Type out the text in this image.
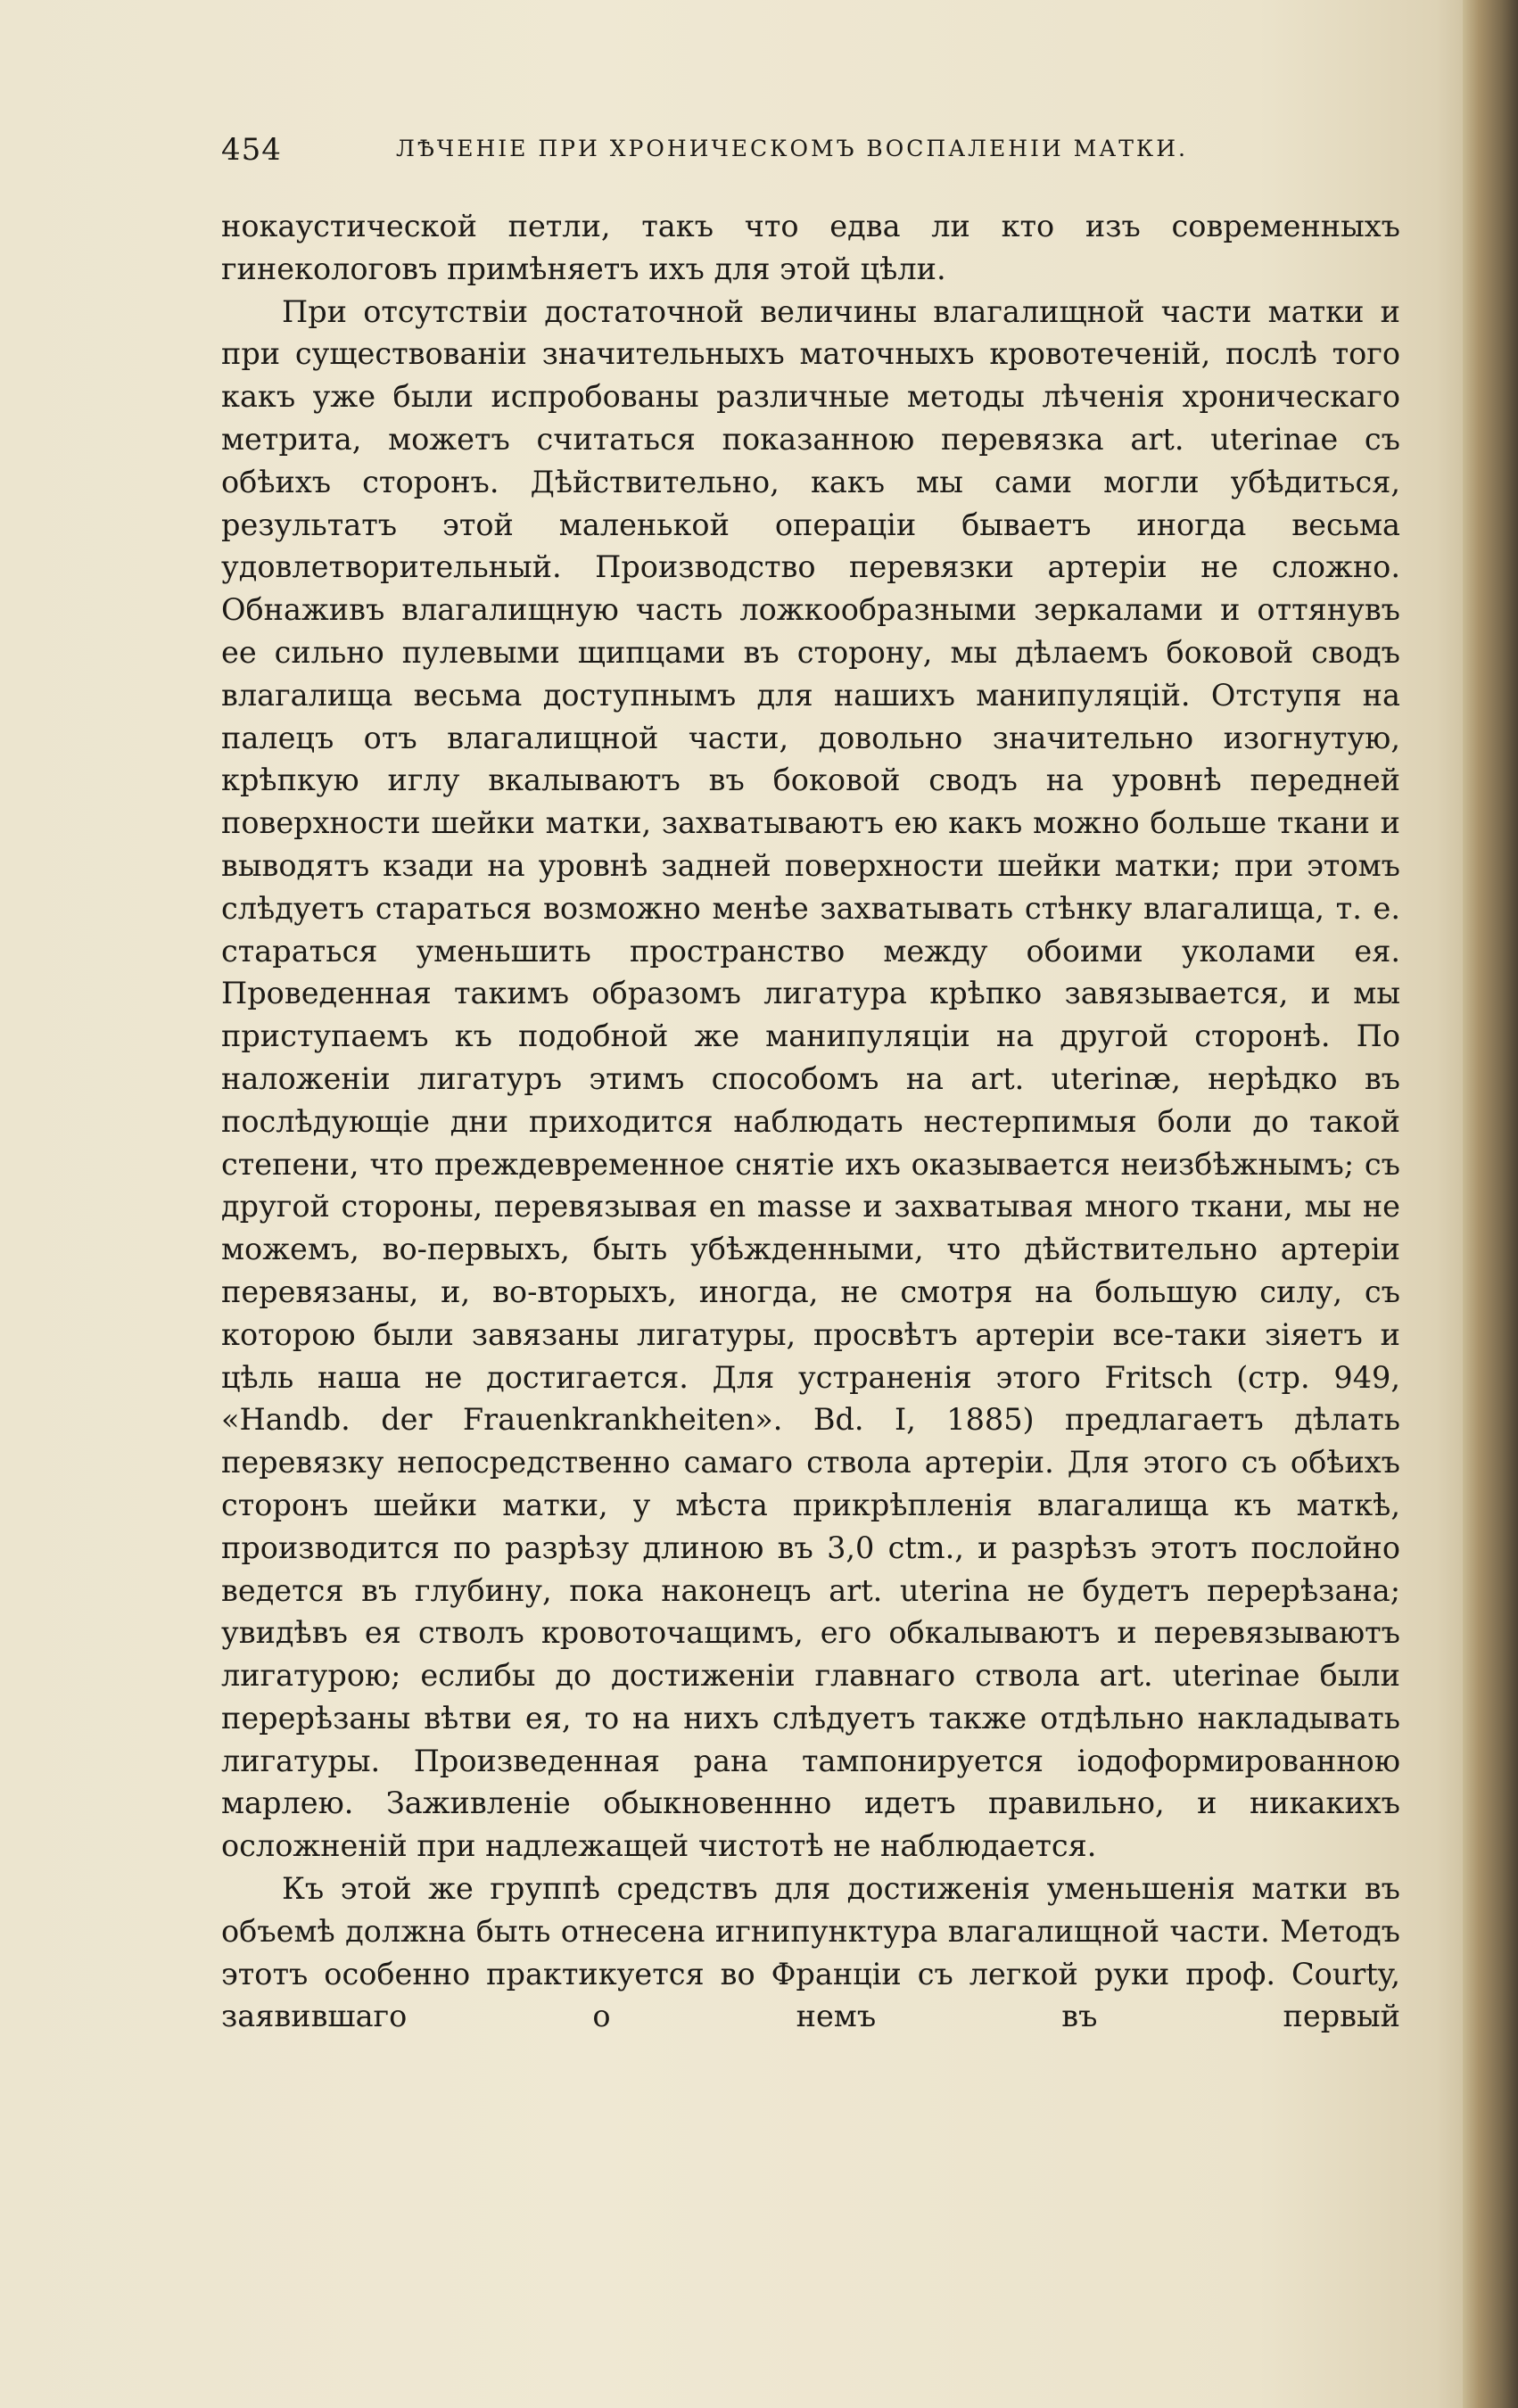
454	ЛѢЧЕНІЕ ПРИ ХРОНИЧЕСКОМЪ ВОСПАЛЕНІИ МАТКИ.

нокаустической петли, такъ что едва ли кто изъ современныхъ гинекологовъ примѣняетъ ихъ для этой цѣли.

При отсутствіи достаточной величины влагалищной части матки и при существованіи значительныхъ маточныхъ кровотеченій, послѣ того какъ уже были испробованы различные методы лѣченія хроническаго метрита, можетъ считаться показанною перевязка art. uterinae съ обѣихъ сторонъ. Дѣйствительно, какъ мы сами могли убѣдиться, результатъ этой маленькой операціи бываетъ иногда весьма удовлетворительный. Производство перевязки артеріи не сложно. Обнаживъ влагалищную часть ложкообразными зеркалами и оттянувъ ее сильно пулевыми щипцами въ сторону, мы дѣлаемъ боковой сводъ влагалища весьма доступнымъ для нашихъ манипуляцій. Отступя на палецъ отъ влагалищной части, довольно значительно изогнутую, крѣпкую иглу вкалываютъ въ боковой сводъ на уровнѣ передней поверхности шейки матки, захватываютъ ею какъ можно больше ткани и выводятъ кзади на уровнѣ задней поверхности шейки матки; при этомъ слѣдуетъ стараться возможно менѣе захватывать стѣнку влагалища, т. е. стараться уменьшить пространство между обоими уколами ея. Проведенная такимъ образомъ лигатура крѣпко завязывается, и мы приступаемъ къ подобной же манипуляціи на другой сторонѣ. По наложеніи лигатуръ этимъ способомъ на art. uterinæ, нерѣдко въ послѣдующіе дни приходится наблюдать нестерпимыя боли до такой степени, что преждевременное снятіе ихъ оказывается неизбѣжнымъ; съ другой стороны, перевязывая en masse и захватывая много ткани, мы не можемъ, во-первыхъ, быть убѣжденными, что дѣйствительно артеріи перевязаны, и, во-вторыхъ, иногда, не смотря на большую силу, съ которою были завязаны лигатуры, просвѣтъ артеріи все-таки зіяетъ и цѣль наша не достигается. Для устраненія этого Fritsch (стр. 949, «Handb. der Frauenkrankheiten». Bd. I, 1885) предлагаетъ дѣлать перевязку непосредственно самаго ствола артеріи. Для этого съ обѣихъ сторонъ шейки матки, у мѣста прикрѣпленія влагалища къ маткѣ, производится по разрѣзу длиною въ 3,0 ctm., и разрѣзъ этотъ послойно ведется въ глубину, пока наконецъ art. uterina не будетъ перерѣзана; увидѣвъ ея стволъ кровоточащимъ, его обкалываютъ и перевязываютъ лигатурою; еслибы до достиженіи главнаго ствола art. uterinae были перерѣзаны вѣтви ея, то на нихъ слѣдуетъ также отдѣльно накладывать лигатуры. Произведенная рана тампонируется іодоформированною марлею. Заживленіе обыкновенннo идетъ правильно, и никакихъ осложненій при надлежащей чистотѣ не наблюдается.

Къ этой же группѣ средствъ для достиженія уменьшенія матки въ объемѣ должна быть отнесена игнипунктура влагалищной части. Методъ этотъ особенно практикуется во Франціи съ легкой руки проф. Courty, заявившаго о немъ въ первый
